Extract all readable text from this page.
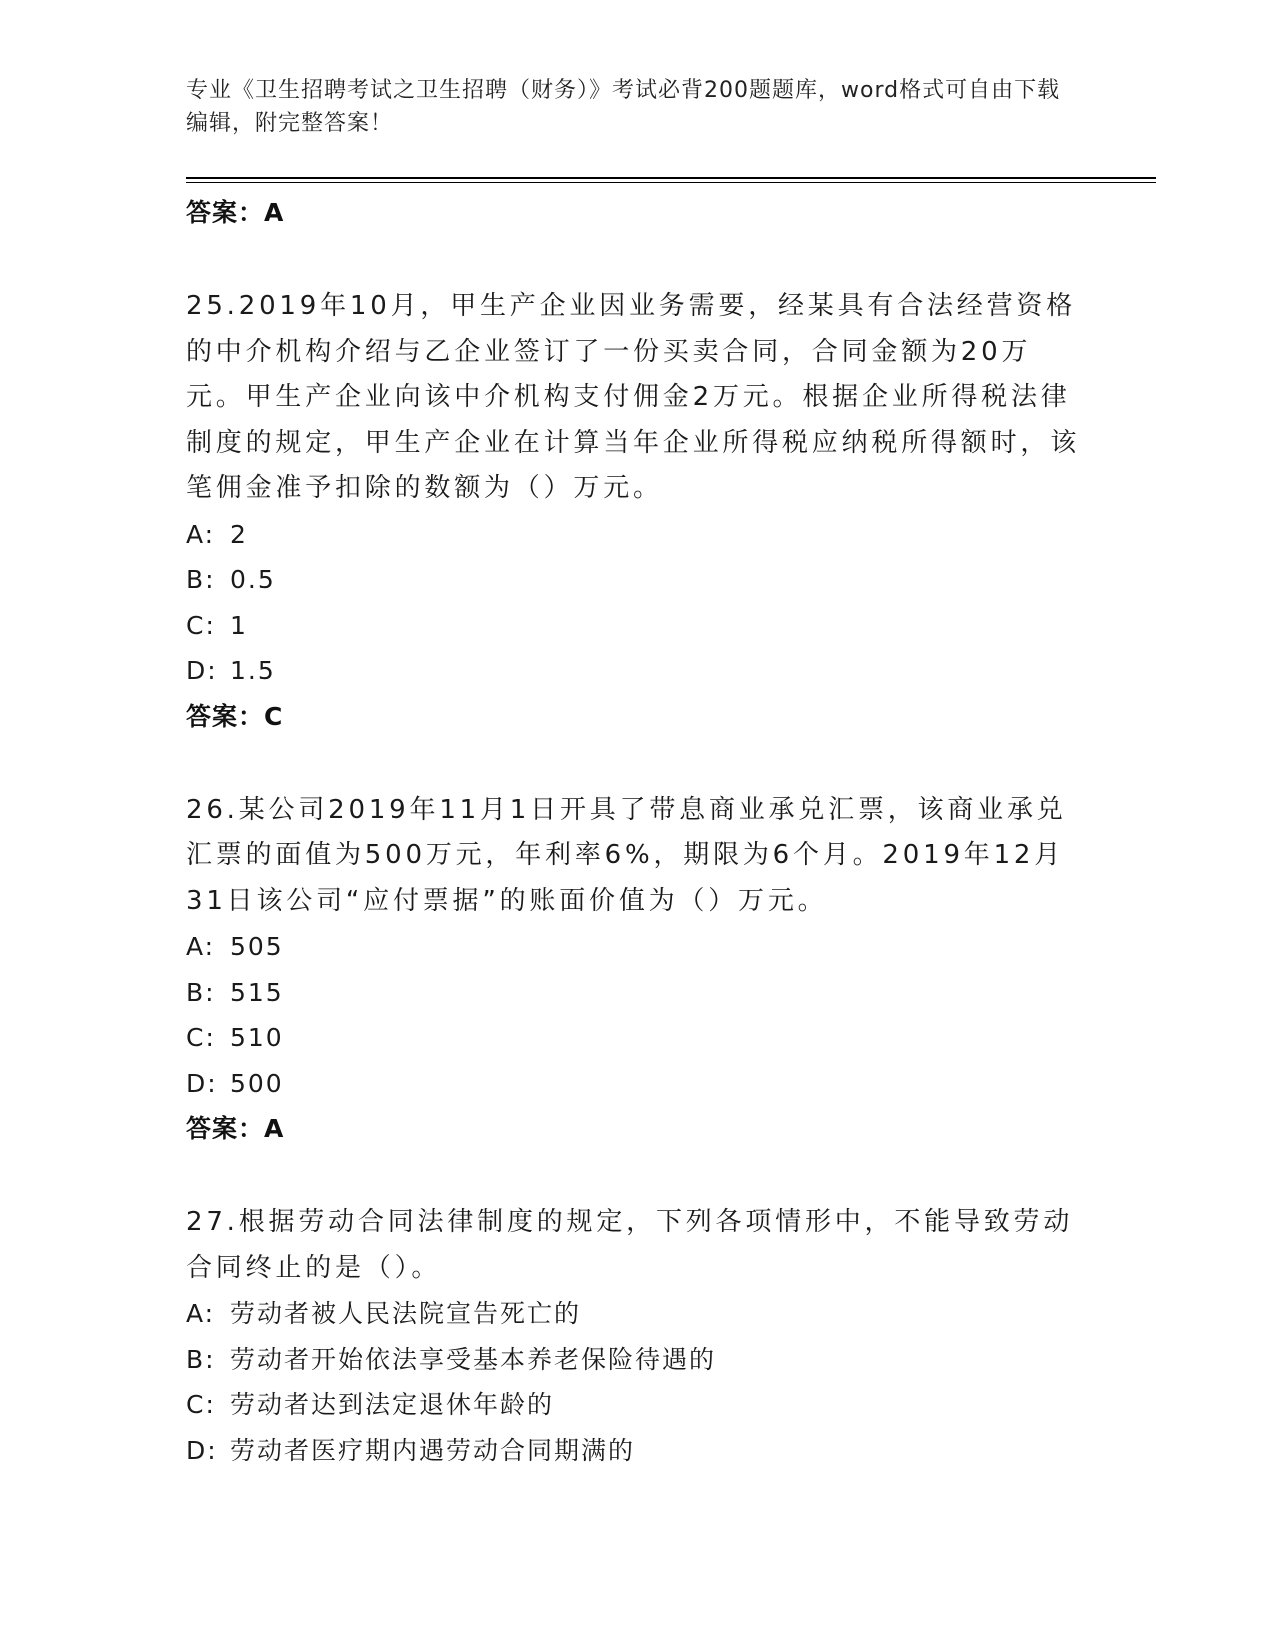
专业《卫生招聘考试之卫生招聘（财务）》考试必背200题题库，word格式可自由下载编辑，附完整答案！
答案：A

25.2019年10月，甲生产企业因业务需要，经某具有合法经营资格的中介机构介绍与乙企业签订了一份买卖合同，合同金额为20万元。甲生产企业向该中介机构支付佣金2万元。根据企业所得税法律制度的规定，甲生产企业在计算当年企业所得税应纳税所得额时，该笔佣金准予扣除的数额为（）万元。

A: 2
B: 0.5
C: 1
D: 1.5
答案：C

26.某公司2019年11月1日开具了带息商业承兑汇票，该商业承兑汇票的面值为500万元，年利率6%，期限为6个月。2019年12月31日该公司“应付票据”的账面价值为（）万元。

A: 505
B: 515
C: 510
D: 500
答案：A

27.根据劳动合同法律制度的规定，下列各项情形中，不能导致劳动合同终止的是（）。

A: 劳动者被人民法院宣告死亡的
B: 劳动者开始依法享受基本养老保险待遇的
C: 劳动者达到法定退休年龄的
D: 劳动者医疗期内遇劳动合同期满的
